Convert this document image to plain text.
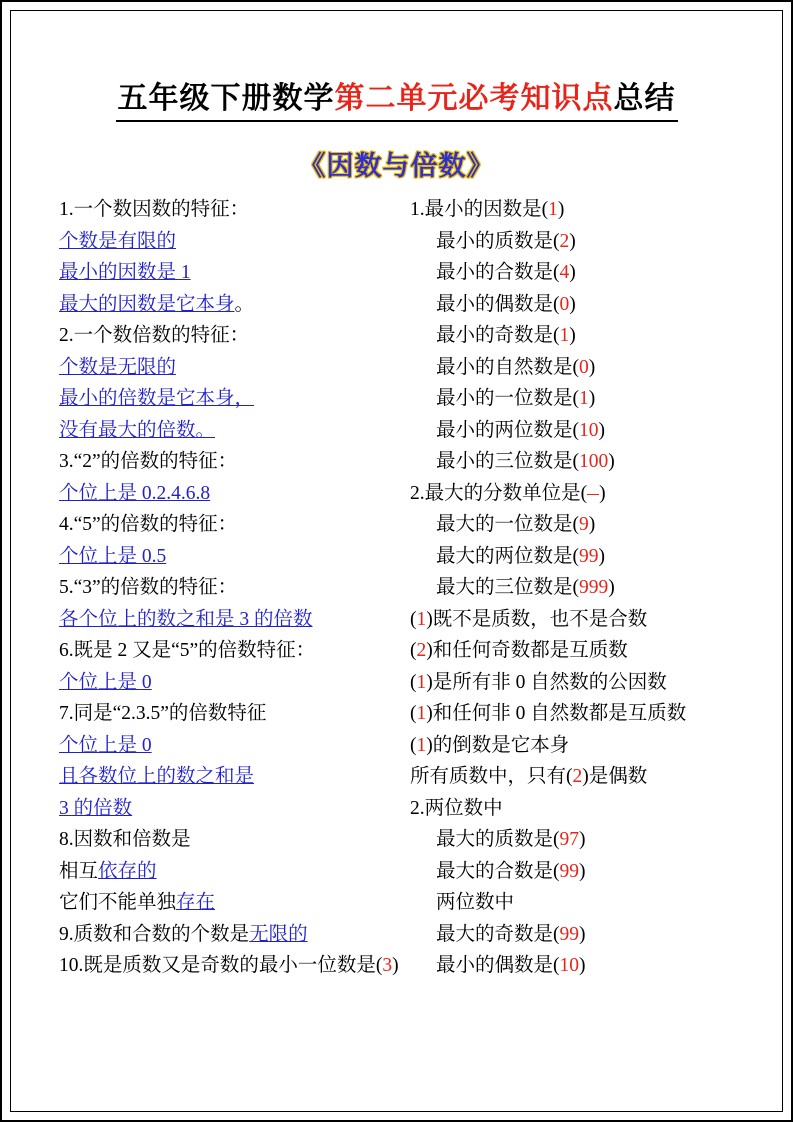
五年级下册数学第二单元必考知识点总结
《因数与倍数》
1.一个数因数的特征：
个数是有限的
最小的因数是 1
最大的因数是它本身。
2.一个数倍数的特征：
个数是无限的
最小的倍数是它本身，
没有最大的倍数。
3.“2”的倍数的特征：
个位上是 0.2.4.6.8
4.“5”的倍数的特征：
个位上是 0.5
5.“3”的倍数的特征：
各个位上的数之和是 3 的倍数
6.既是 2 又是“5”的倍数特征：
个位上是 0
7.同是“2.3.5”的倍数特征
个位上是 0
且各数位上的数之和是
3 的倍数
8.因数和倍数是
相互依存的
它们不能单独存在
9.质数和合数的个数是无限的
10.既是质数又是奇数的最小一位数是(3)
1.最小的因数是(1)
最小的质数是(2)
最小的合数是(4)
最小的偶数是(0)
最小的奇数是(1)
最小的自然数是(0)
最小的一位数是(1)
最小的两位数是(10)
最小的三位数是(100)
2.最大的分数单位是( )
最大的一位数是(9)
最大的两位数是(99)
最大的三位数是(999)
(1)既不是质数，也不是合数
(2)和任何奇数都是互质数
(1)是所有非 0 自然数的公因数
(1)和任何非 0 自然数都是互质数
(1)的倒数是它本身
所有质数中，只有(2)是偶数
2.两位数中
最大的质数是(97)
最大的合数是(99)
两位数中
最大的奇数是(99)
最小的偶数是(10)
